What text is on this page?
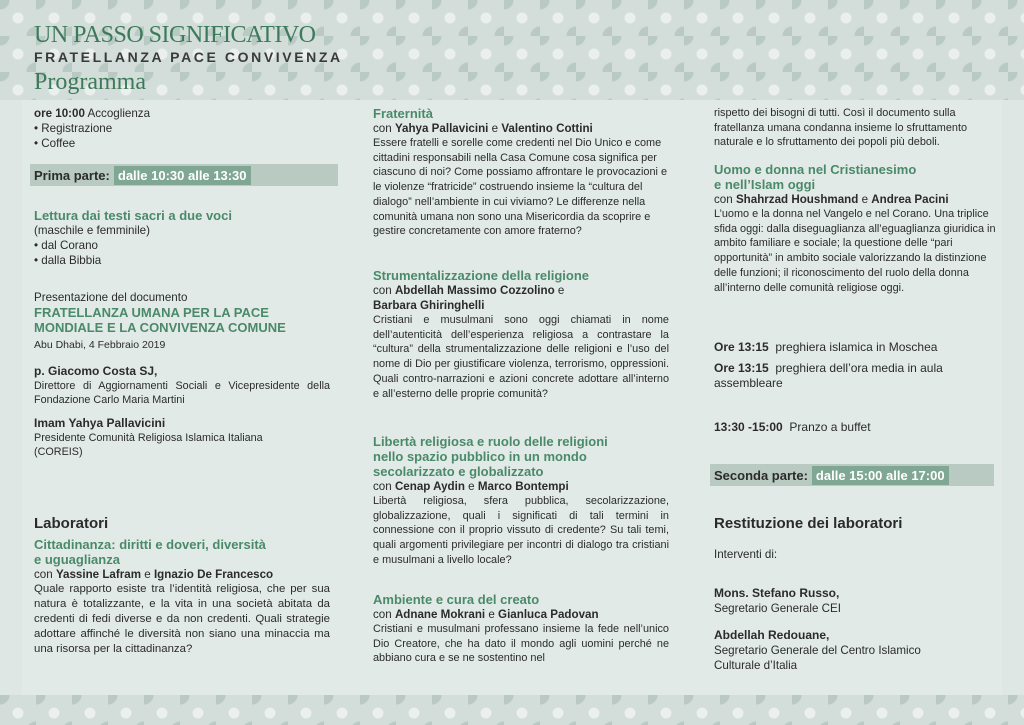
UN PASSO SIGNIFICATIVO
FRATELLANZA PACE CONVIVENZA
Programma

ore 10:00 Accoglienza

• Registrazione

• Coffee

Prima parte: dalle 10:30 alle 13:30

Lettura dai testi sacri a due voci

(maschile e femminile)

• dal Corano

• dalla Bibbia

Presentazione del documento

FRATELLANZA UMANA PER LA PACE

MONDIALE E LA CONVIVENZA COMUNE

Abu Dhabi, 4 Febbraio 2019

p. Giacomo Costa SJ,

Direttore di Aggiornamenti Sociali e Vicepresidente della Fondazione Carlo Maria Martini

Imam Yahya Pallavicini

Presidente Comunità Religiosa Islamica Italiana (COREIS)

Laboratori

Cittadinanza: diritti e doveri, diversità

e uguaglianza

con Yassine Lafram e Ignazio De Francesco

Quale rapporto esiste tra l’identità religiosa, che per sua natura è totalizzante, e la vita in una società abitata da credenti di fedi diverse e da non credenti. Quali strategie adottare affinché le diversità non siano una minaccia ma una risorsa per la cittadinanza?

Fraternità

con Yahya Pallavicini e Valentino Cottini

Essere fratelli e sorelle come credenti nel Dio Unico e come cittadini responsabili nella Casa Comune cosa significa per ciascuno di noi? Come possiamo affrontare le provocazioni e le violenze “fratricide” costruendo insieme la “cultura del dialogo” nell’ambiente in cui viviamo? Le differenze nella comunità umana non sono una Misericordia da scoprire e gestire concretamente con amore fraterno?

Strumentalizzazione della religione

con Abdellah Massimo Cozzolino e

Barbara Ghiringhelli

Cristiani e musulmani sono oggi chiamati in nome dell’autenticità dell’esperienza religiosa a contrastare la “cultura” della strumentalizzazione delle religioni e l’uso del nome di Dio per giustificare violenza, terrorismo, oppressioni. Quali contro-narrazioni e azioni concrete adottare all’interno e all’esterno delle proprie comunità?

Libertà religiosa e ruolo delle religioni

nello spazio pubblico in un mondo

secolarizzato e globalizzato

con Cenap Aydin e Marco Bontempi

Libertà religiosa, sfera pubblica, secolarizzazione, globalizzazione, quali i significati di tali termini in connessione con il proprio vissuto di credente? Su tali temi, quali argomenti privilegiare per incontri di dialogo tra cristiani e musulmani a livello locale?

Ambiente e cura del creato

con Adnane Mokrani e Gianluca Padovan

Cristiani e musulmani professano insieme la fede nell’unico Dio Creatore, che ha dato il mondo agli uomini perché ne abbiano cura e se ne sostentino nel

rispetto dei bisogni di tutti. Così il documento sulla fratellanza umana condanna insieme lo sfruttamento naturale e lo sfruttamento dei popoli più deboli.

Uomo e donna nel Cristianesimo

e nell’Islam oggi

con Shahrzad Houshmand e Andrea Pacini

L’uomo e la donna nel Vangelo e nel Corano. Una triplice sfida oggi: dalla diseguaglianza all’eguaglianza giuridica in ambito familiare e sociale; la questione delle “pari opportunità” in ambito sociale valorizzando la distinzione delle funzioni; il riconoscimento del ruolo della donna all’interno delle comunità religiose oggi.

Ore 13:15 preghiera islamica in Moschea

Ore 13:15 preghiera dell’ora media in aula assembleare

13:30 -15:00 Pranzo a buffet

Seconda parte: dalle 15:00 alle 17:00

Restituzione dei laboratori

Interventi di:

Mons. Stefano Russo,

Segretario Generale CEI

Abdellah Redouane,

Segretario Generale del Centro Islamico Culturale d’Italia
